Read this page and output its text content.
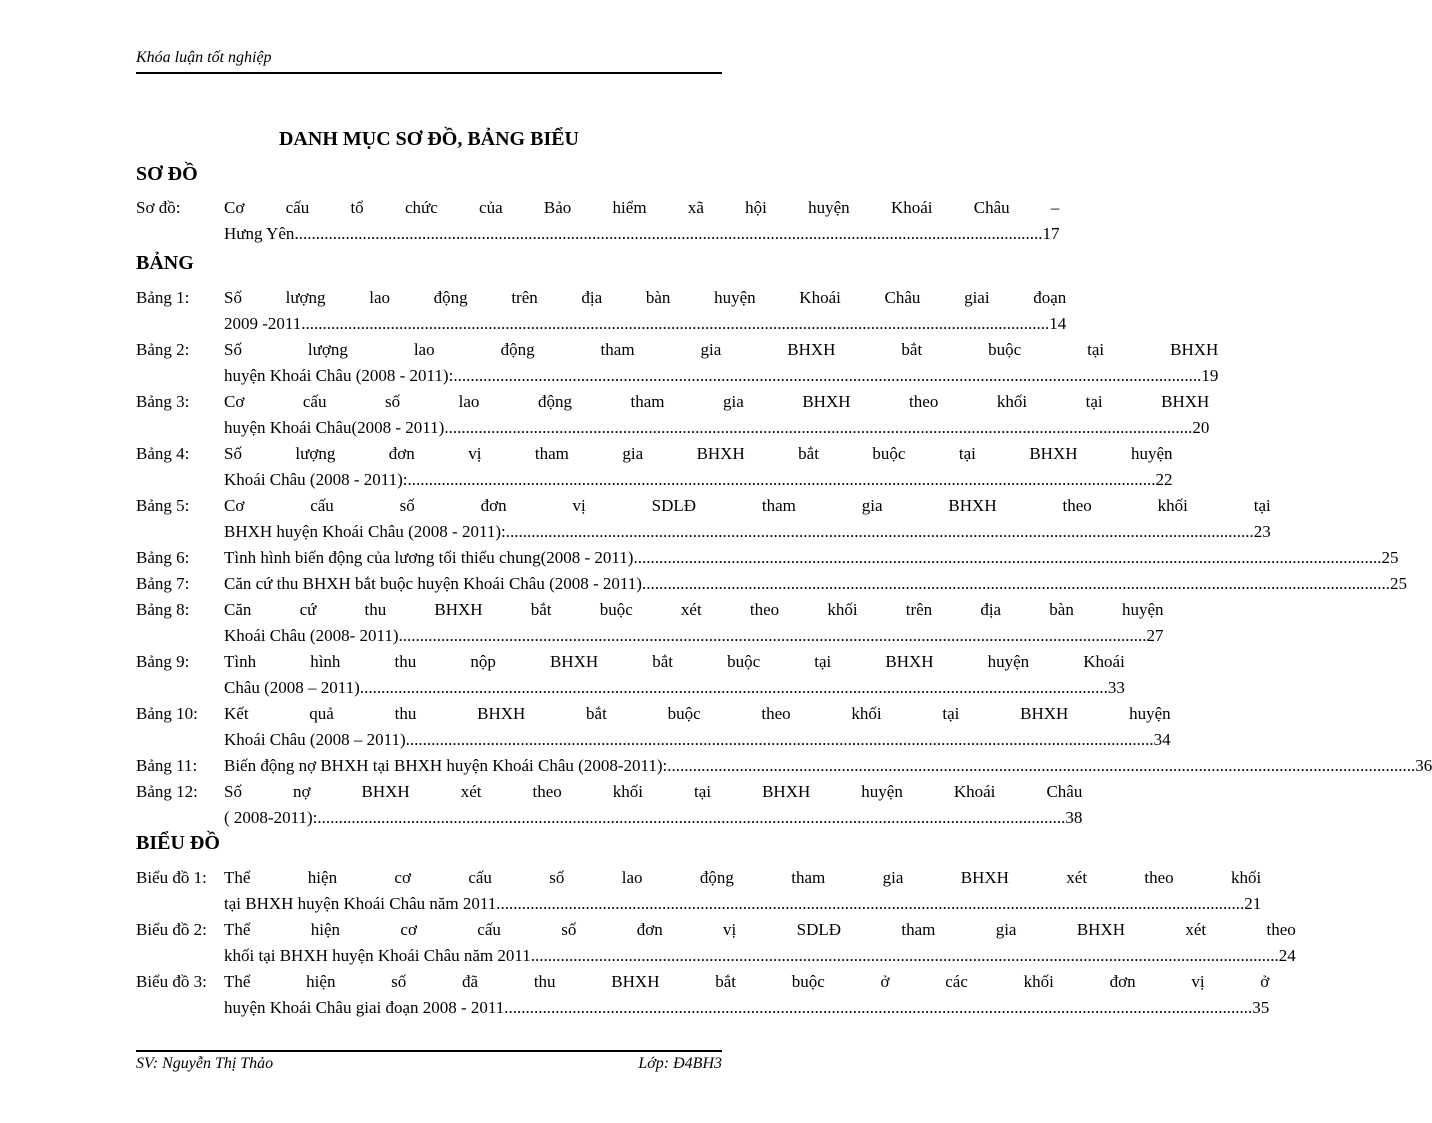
Khóa luận tốt nghiệp
DANH MỤC SƠ ĐỒ, BẢNG BIỂU
SƠ ĐỒ
Sơ đồ:	Cơ cấu tổ chức của Bảo hiểm xã hội huyện Khoái Châu –
Hưng Yên .....	17
BẢNG
Bảng 1:	Số lượng lao động trên địa bàn huyện Khoái Châu giai đoạn
2009 -2011 .....	14
Bảng 2:	Số lượng lao động tham gia BHXH bắt buộc tại BHXH
huyện Khoái Châu (2008 - 2011): .....	19
Bảng 3:	Cơ cấu số lao động tham gia BHXH theo khối tại BHXH
huyện Khoái Châu(2008 - 2011) .....	20
Bảng 4:	Số lượng đơn vị tham gia BHXH bắt buộc tại BHXH huyện
Khoái Châu (2008 - 2011): .....	22
Bảng 5:	Cơ cấu số đơn vị SDLĐ tham gia BHXH theo khối tại
BHXH huyện Khoái Châu (2008 - 2011): .....	23
Bảng 6:	Tình hình biến động của lương tối thiểu chung(2008 - 2011) .....	25
Bảng 7:	Căn cứ thu BHXH bắt buộc huyện Khoái Châu (2008 - 2011) .....	25
Bảng 8:	Căn cứ thu BHXH bắt buộc xét theo khối trên địa bàn huyện
Khoái Châu (2008- 2011) .....	27
Bảng 9:	Tình hình thu nộp BHXH bắt buộc tại BHXH huyện Khoái
Châu (2008 – 2011) .....	33
Bảng 10:	Kết quả thu BHXH bắt buộc theo khối tại BHXH huyện
Khoái Châu (2008 – 2011) .....	34
Bảng 11:	Biến động nợ BHXH tại BHXH huyện Khoái Châu (2008-2011): .....	36
Bảng 12:	Số nợ BHXH xét theo khối tại BHXH huyện Khoái Châu
( 2008-2011): .....	38
BIỂU ĐỒ
Biểu đồ 1:	Thể hiện cơ cấu số lao động tham gia BHXH xét theo khối
tại BHXH huyện Khoái Châu năm 2011 .....	21
Biểu đồ 2:	Thể hiện cơ cấu số đơn vị SDLĐ tham gia BHXH xét theo
khối tại BHXH huyện Khoái Châu năm 2011 .....	24
Biểu đồ 3:	Thể hiện số đã thu BHXH bắt buộc ở các khối đơn vị ở
huyện Khoái Châu giai đoạn 2008 - 2011 .....	35
SV: Nguyễn Thị Thảo	Lớp: Đ4BH3
